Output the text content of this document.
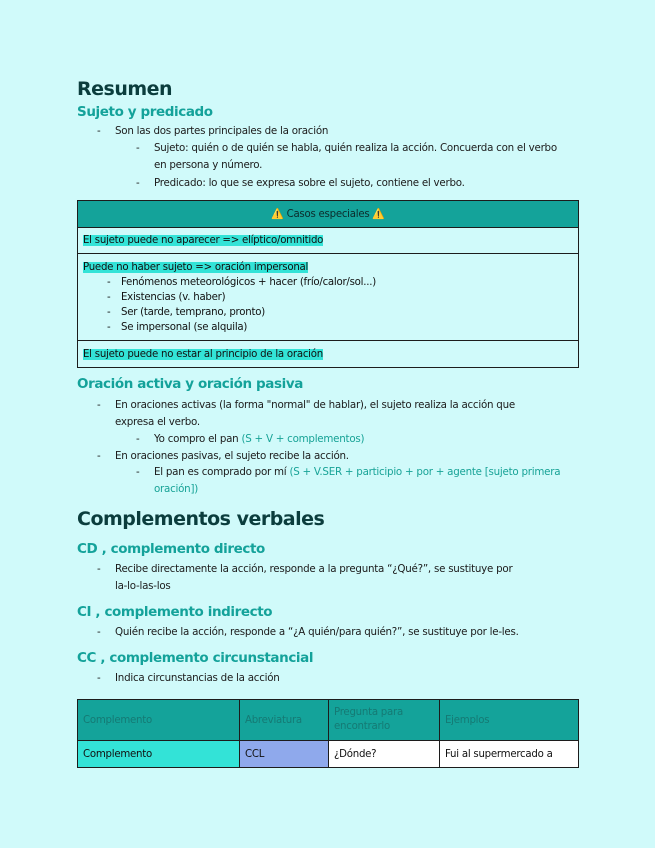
Resumen
Sujeto y predicado
- Son las dos partes principales de la oración
- Sujeto: quién o de quién se habla, quién realiza la acción. Concuerda con el verbo
en persona y número.
- Predicado: lo que se expresa sobre el sujeto, contiene el verbo.
⚠️ Casos especiales ⚠️
El sujeto puede no aparecer => elíptico/omnitido

Puede no haber sujeto => oración impersonal
- Fenómenos meteorológicos + hacer (frío/calor/sol...)
- Existencias (v. haber)
- Ser (tarde, temprano, pronto)
- Se impersonal (se alquila)

El sujeto puede no estar al principio de la oración
Oración activa y oración pasiva
- En oraciones activas (la forma "normal" de hablar), el sujeto realiza la acción que
expresa el verbo.
- Yo compro el pan (S + V + complementos)
- En oraciones pasivas, el sujeto recibe la acción.
- El pan es comprado por mí (S + V.SER + participio + por + agente [sujeto primera
oración])
Complementos verbales
CD , complemento directo
- Recibe directamente la acción, responde a la pregunta “¿Qué?”, se sustituye por
la-lo-las-los
CI , complemento indirecto
- Quién recibe la acción, responde a “¿A quién/para quién?”, se sustituye por le-les.
CC , complemento circunstancial
- Indica circunstancias de la acción
Complemento	Abreviatura	Pregunta para encontrarlo	Ejemplos
Complemento	CCL	¿Dónde?	Fui al supermercado a
